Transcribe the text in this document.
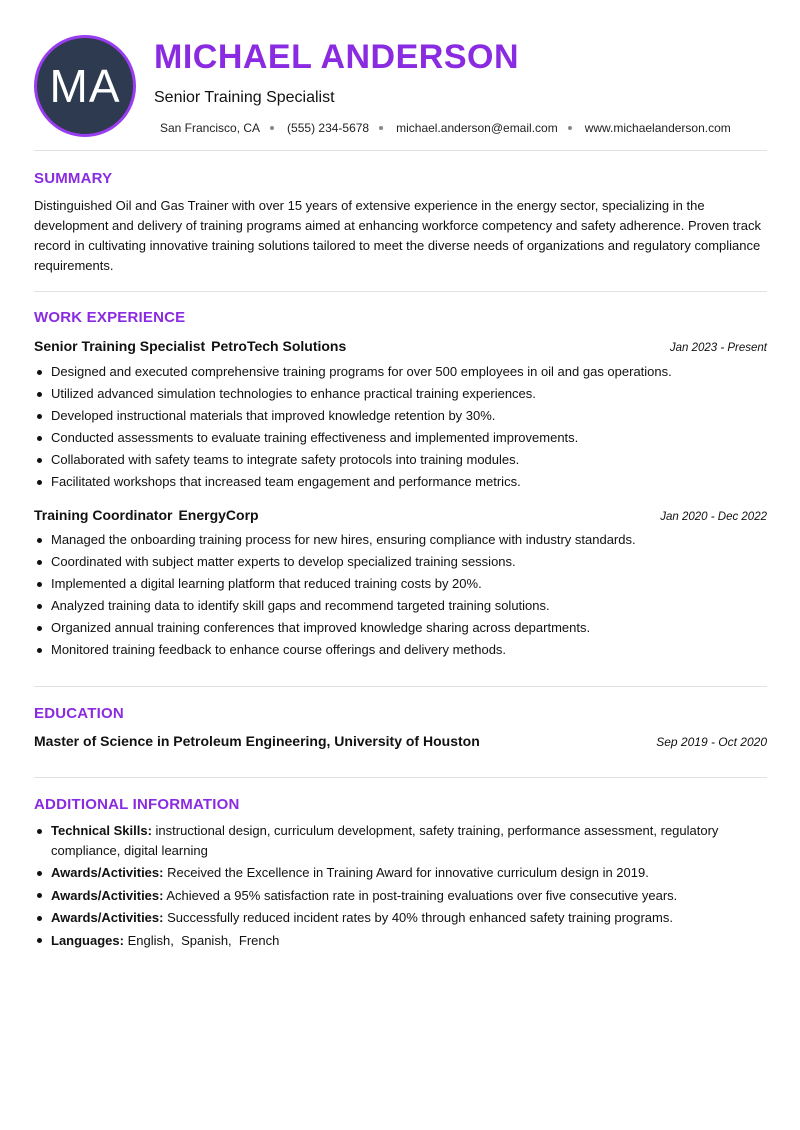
MA
MICHAEL ANDERSON
Senior Training Specialist
San Francisco, CA (555) 234-5678 michael.anderson@email.com www.michaelanderson.com
SUMMARY
Distinguished Oil and Gas Trainer with over 15 years of extensive experience in the energy sector, specializing in the development and delivery of training programs aimed at enhancing workforce competency and safety adherence. Proven track record in cultivating innovative training solutions tailored to meet the diverse needs of organizations and regulatory compliance requirements.
WORK EXPERIENCE
Senior Training Specialist PetroTech Solutions	Jan 2023 - Present
Designed and executed comprehensive training programs for over 500 employees in oil and gas operations.
Utilized advanced simulation technologies to enhance practical training experiences.
Developed instructional materials that improved knowledge retention by 30%.
Conducted assessments to evaluate training effectiveness and implemented improvements.
Collaborated with safety teams to integrate safety protocols into training modules.
Facilitated workshops that increased team engagement and performance metrics.
Training Coordinator EnergyCorp	Jan 2020 - Dec 2022
Managed the onboarding training process for new hires, ensuring compliance with industry standards.
Coordinated with subject matter experts to develop specialized training sessions.
Implemented a digital learning platform that reduced training costs by 20%.
Analyzed training data to identify skill gaps and recommend targeted training solutions.
Organized annual training conferences that improved knowledge sharing across departments.
Monitored training feedback to enhance course offerings and delivery methods.
EDUCATION
Master of Science in Petroleum Engineering, University of Houston	Sep 2019 - Oct 2020
ADDITIONAL INFORMATION
Technical Skills: instructional design, curriculum development, safety training, performance assessment, regulatory compliance, digital learning
Awards/Activities: Received the Excellence in Training Award for innovative curriculum design in 2019.
Awards/Activities: Achieved a 95% satisfaction rate in post-training evaluations over five consecutive years.
Awards/Activities: Successfully reduced incident rates by 40% through enhanced safety training programs.
Languages: English,  Spanish,  French
